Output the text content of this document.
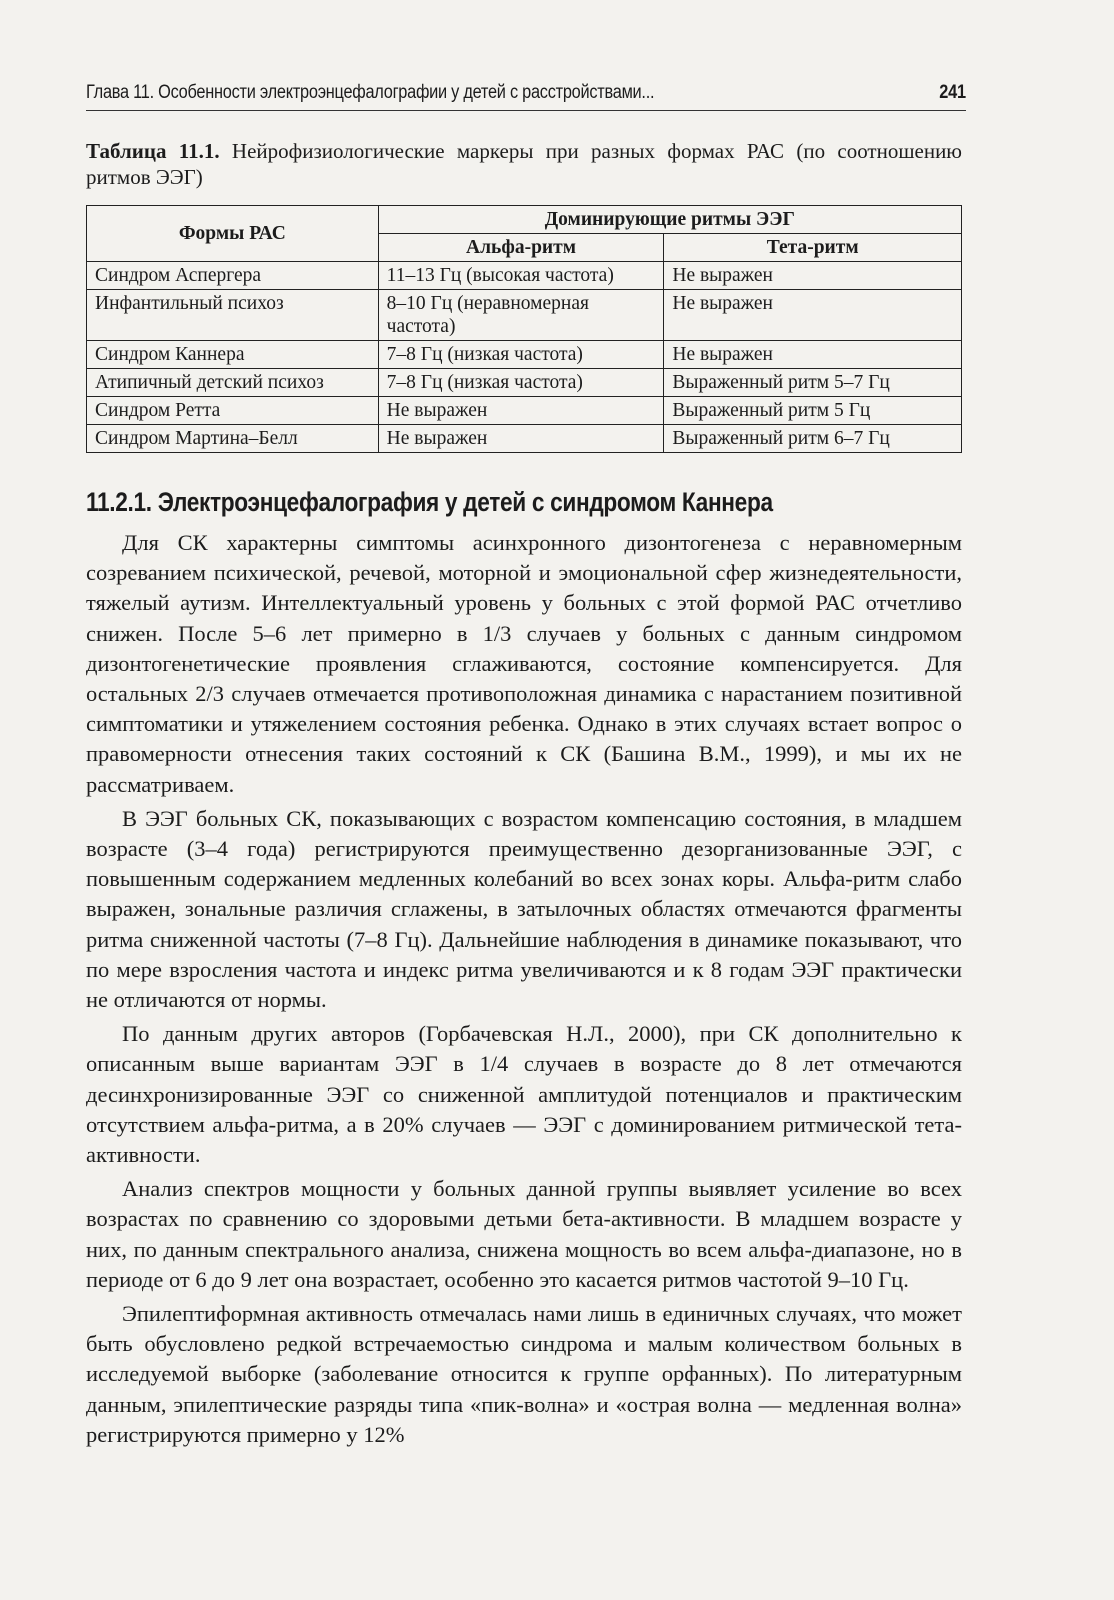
Глава 11. Особенности электроэнцефалографии у детей с расстройствами...	241
Таблица 11.1. Нейрофизиологические маркеры при разных формах РАС (по соотношению ритмов ЭЭГ)
Формы РАС	Доминирующие ритмы ЭЭГ	
	Альфа-ритм	Тета-ритм
Синдром Аспергера	11–13 Гц (высокая частота)	Не выражен
Инфантильный психоз	8–10 Гц (неравномерная частота)	Не выражен
Синдром Каннера	7–8 Гц (низкая частота)	Не выражен
Атипичный детский психоз	7–8 Гц (низкая частота)	Выраженный ритм 5–7 Гц
Синдром Ретта	Не выражен	Выраженный ритм 5 Гц
Синдром Мартина–Белл	Не выражен	Выраженный ритм 6–7 Гц
11.2.1. Электроэнцефалография у детей с синдромом Каннера

Для СК характерны симптомы асинхронного дизонтогенеза с неравномерным созреванием психической, речевой, моторной и эмоциональной сфер жизнедеятельности, тяжелый аутизм. Интеллектуальный уровень у больных с этой формой РАС отчетливо снижен. После 5–6 лет примерно в 1/3 случаев у больных с данным синдромом дизонтогенетические проявления сглаживаются, состояние компенсируется. Для остальных 2/3 случаев отмечается противоположная динамика с нарастанием позитивной симптоматики и утяжелением состояния ребенка. Однако в этих случаях встает вопрос о правомерности отнесения таких состояний к СК (Башина В.М., 1999), и мы их не рассматриваем.

В ЭЭГ больных СК, показывающих с возрастом компенсацию состояния, в младшем возрасте (3–4 года) регистрируются преимущественно дезорганизованные ЭЭГ, с повышенным содержанием медленных колебаний во всех зонах коры. Альфа-ритм слабо выражен, зональные различия сглажены, в затылочных областях отмечаются фрагменты ритма сниженной частоты (7–8 Гц). Дальнейшие наблюдения в динамике показывают, что по мере взросления частота и индекс ритма увеличиваются и к 8 годам ЭЭГ практически не отличаются от нормы.

По данным других авторов (Горбачевская Н.Л., 2000), при СК дополнительно к описанным выше вариантам ЭЭГ в 1/4 случаев в возрасте до 8 лет отмечаются десинхронизированные ЭЭГ со сниженной амплитудой потенциалов и практическим отсутствием альфа-ритма, а в 20% случаев — ЭЭГ с доминированием ритмической тета-активности.

Анализ спектров мощности у больных данной группы выявляет усиление во всех возрастах по сравнению со здоровыми детьми бета-активности. В младшем возрасте у них, по данным спектрального анализа, снижена мощность во всем альфа-диапазоне, но в периоде от 6 до 9 лет она возрастает, особенно это касается ритмов частотой 9–10 Гц.

Эпилептиформная активность отмечалась нами лишь в единичных случаях, что может быть обусловлено редкой встречаемостью синдрома и малым количеством больных в исследуемой выборке (заболевание относится к группе орфанных). По литературным данным, эпилептические разряды типа «пик-волна» и «острая волна — медленная волна» регистрируются примерно у 12%
